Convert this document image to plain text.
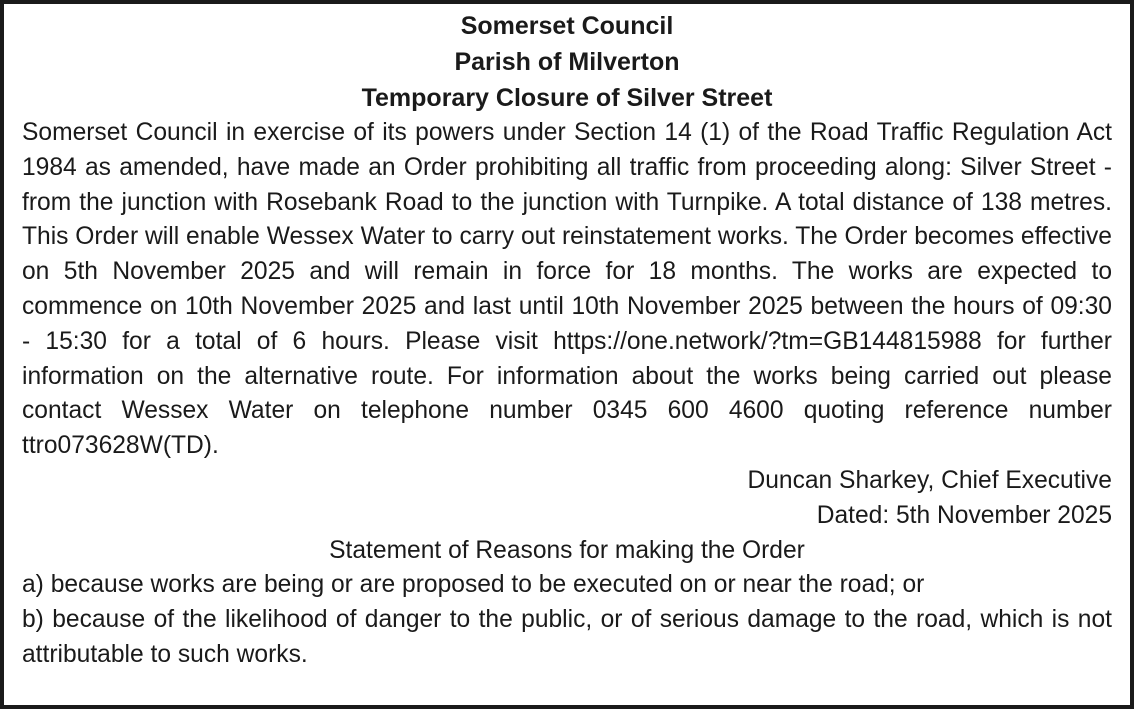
Somerset Council

Parish of Milverton

Temporary Closure of Silver Street

Somerset Council in exercise of its powers under Section 14 (1) of the Road Traffic Regulation Act 1984 as amended, have made an Order prohibiting all traffic from proceeding along: Silver Street - from the junction with Rosebank Road to the junction with Turnpike. A total distance of 138 metres. This Order will enable Wessex Water to carry out reinstatement works. The Order becomes effective on 5th November 2025 and will remain in force for 18 months. The works are expected to commence on 10th November 2025 and last until 10th November 2025 between the hours of 09:30 - 15:30 for a total of 6 hours. Please visit https://one.network/?tm=GB144815988 for further information on the alternative route. For information about the works being carried out please contact Wessex Water on telephone number 0345 600 4600 quoting reference number ttro073628W(TD).

Duncan Sharkey, Chief Executive

Dated: 5th November 2025

Statement of Reasons for making the Order

a) because works are being or are proposed to be executed on or near the road; or

b) because of the likelihood of danger to the public, or of serious damage to the road, which is not attributable to such works.
